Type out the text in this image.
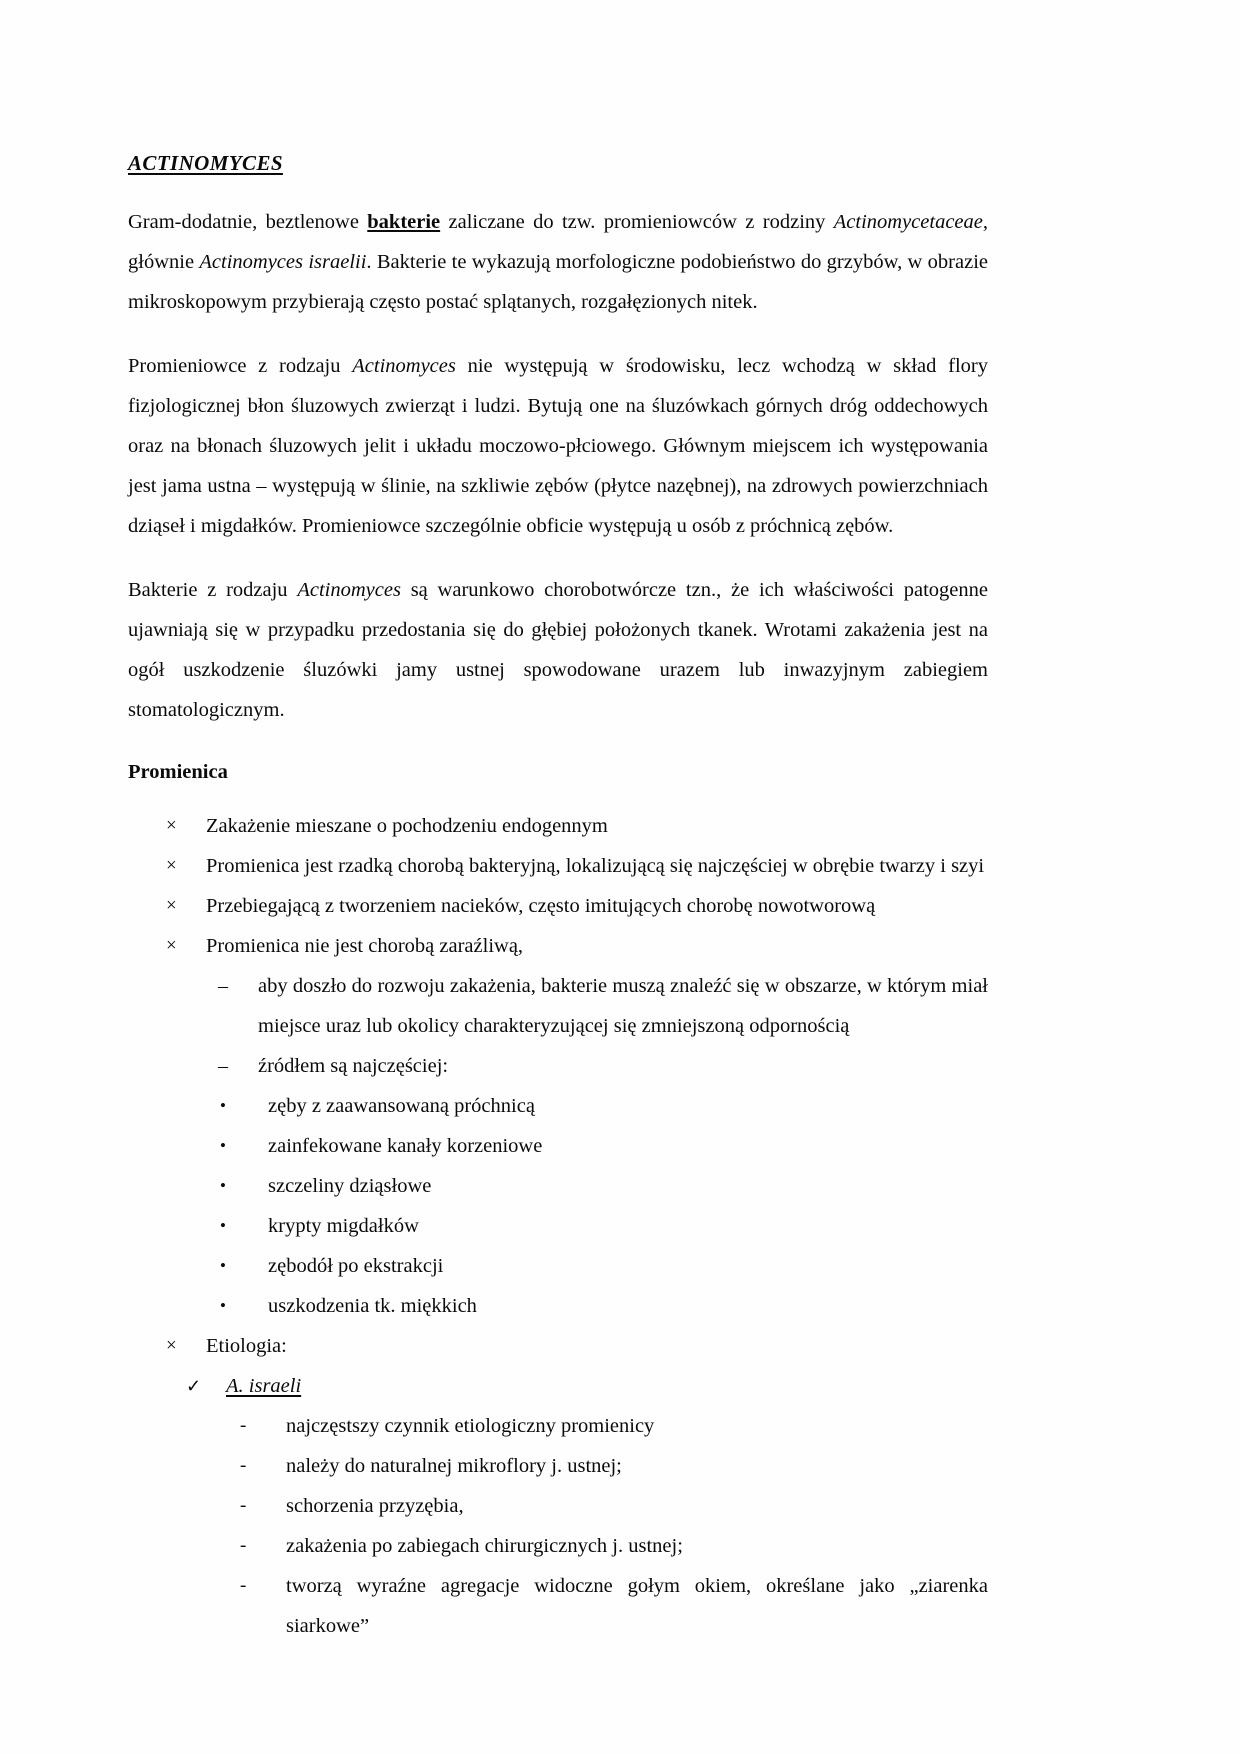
ACTINOMYCES

Gram-dodatnie, beztlenowe bakterie zaliczane do tzw. promieniowców z rodziny Actinomycetaceae, głównie Actinomyces israelii. Bakterie te wykazują morfologiczne podobieństwo do grzybów, w obrazie mikroskopowym przybierają często postać splątanych, rozgałęzionych nitek.

Promieniowce z rodzaju Actinomyces nie występują w środowisku, lecz wchodzą w skład flory fizjologicznej błon śluzowych zwierząt i ludzi. Bytują one na śluzówkach górnych dróg oddechowych oraz na błonach śluzowych jelit i układu moczowo-płciowego. Głównym miejscem ich występowania jest jama ustna – występują w ślinie, na szkliwie zębów (płytce nazębnej), na zdrowych powierzchniach dziąseł i migdałków. Promieniowce szczególnie obficie występują u osób z próchnicą zębów.

Bakterie z rodzaju Actinomyces są warunkowo chorobotwórcze tzn., że ich właściwości patogenne ujawniają się w przypadku przedostania się do głębiej położonych tkanek. Wrotami zakażenia jest na ogół uszkodzenie śluzówki jamy ustnej spowodowane urazem lub inwazyjnym zabiegiem stomatologicznym.

Promienica
×	Zakażenie mieszane o pochodzeniu endogennym
×	Promienica jest rzadką chorobą bakteryjną, lokalizującą się najczęściej w obrębie twarzy i szyi
×	Przebiegającą z tworzeniem nacieków, często imitujących chorobę nowotworową
×	Promienica nie jest chorobą zaraźliwą,
–	aby doszło do rozwoju zakażenia, bakterie muszą znaleźć się w obszarze, w którym miał miejsce uraz lub okolicy charakteryzującej się zmniejszoną odpornością
–	źródłem są najczęściej:
•	zęby z zaawansowaną próchnicą
•	zainfekowane kanały korzeniowe
•	szczeliny dziąsłowe
•	krypty migdałków
•	zębodół po ekstrakcji
•	uszkodzenia tk. miękkich
×	Etiologia:
✓	A. israeli
-	najczęstszy czynnik etiologiczny promienicy
-	należy do naturalnej mikroflory j. ustnej;
-	schorzenia przyzębia,
-	zakażenia po zabiegach chirurgicznych j. ustnej;
-	tworzą wyraźne agregacje widoczne gołym okiem, określane jako „ziarenka siarkowe”
